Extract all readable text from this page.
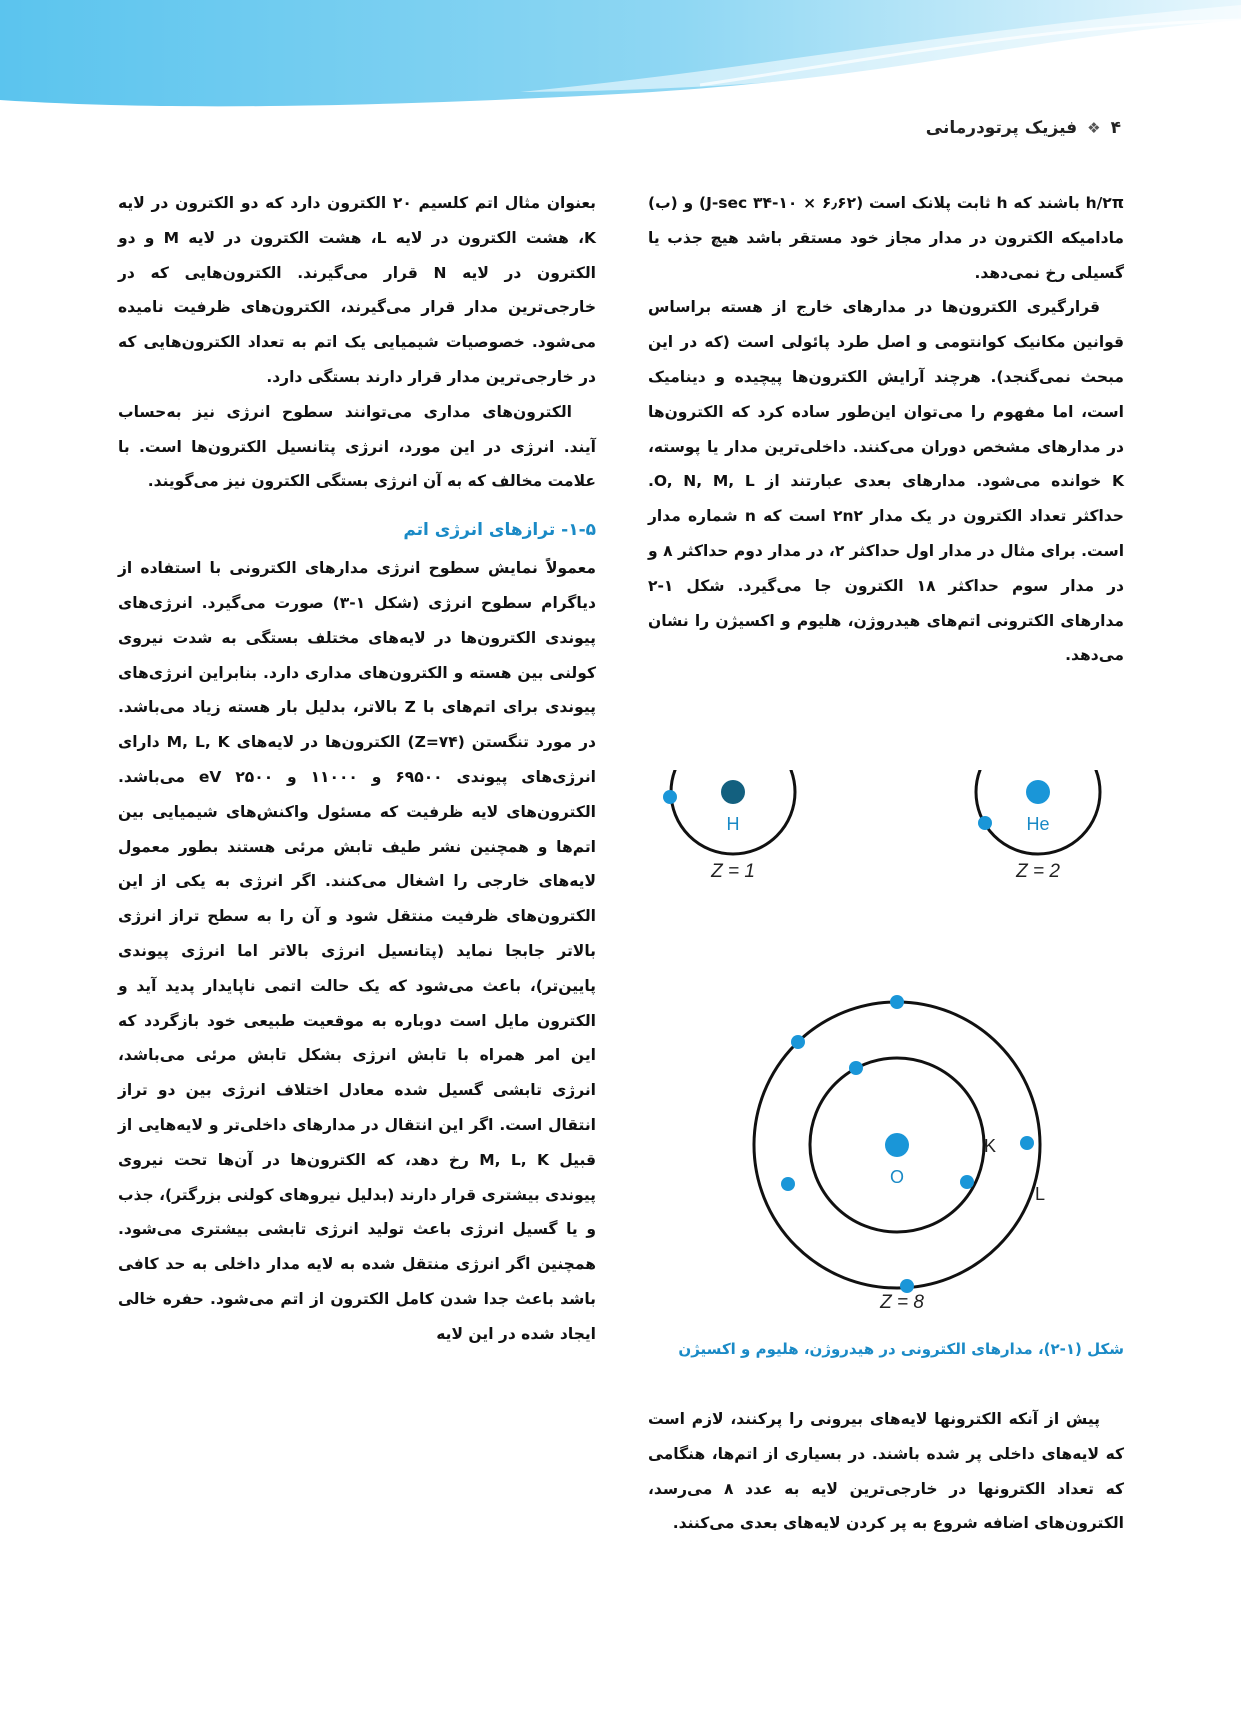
۴
❖
فیزیک پرتودرمانی

h/۲π باشند که h ثابت پلانک است (J-sec ۳۴-۱۰ × ۶٫۶۲) و (ب) مادامیکه الکترون در مدار مجاز خود مستقر باشد هیچ جذب یا گسیلی رخ نمی‌دهد.

قرارگیری الکترون‌ها در مدارهای خارج از هسته براساس قوانین مکانیک کوانتومی و اصل طرد پائولی است (که در این مبحث نمی‌گنجد). هرچند آرایش الکترون‌ها پیچیده و دینامیک است، اما مفهوم را می‌توان این‌طور ساده کرد که الکترون‌ها در مدارهای مشخص دوران می‌کنند. داخلی‌ترین مدار یا پوسته، K خوانده می‌شود. مدارهای بعدی عبارتند از O, N, M, L. حداکثر تعداد الکترون در یک مدار ۲n۲ است که n شماره مدار است. برای مثال در مدار اول حداکثر ۲، در مدار دوم حداکثر ۸ و در مدار سوم حداکثر ۱۸ الکترون جا می‌گیرد. شکل ۱-۲ مدارهای الکترونی اتم‌های هیدروژن، هلیوم و اکسیژن را نشان می‌دهد.

H
Z = 1
He
Z = 2
O
K
L
Z = 8
شکل (۱-۲)، مدارهای الکترونی در هیدروژن، هلیوم و اکسیژن

پیش از آنکه الکترونها لایه‌های بیرونی را پرکنند، لازم است که لایه‌های داخلی پر شده باشند. در بسیاری از اتم‌ها، هنگامی که تعداد الکترونها در خارجی‌ترین لایه به عدد ۸ می‌رسد، الکترون‌های اضافه شروع به پر کردن لایه‌های بعدی می‌کنند.

بعنوان مثال اتم کلسیم ۲۰ الکترون دارد که دو الکترون در لایه K، هشت الکترون در لایه L، هشت الکترون در لایه M و دو الکترون در لایه N قرار می‌گیرند. الکترون‌هایی که در خارجی‌ترین مدار قرار می‌گیرند، الکترون‌های ظرفیت نامیده می‌شود. خصوصیات شیمیایی یک اتم به تعداد الکترون‌هایی که در خارجی‌ترین مدار قرار دارند بستگی دارد.

الکترون‌های مداری می‌توانند سطوح انرژی نیز به‌حساب آیند. انرژی در این مورد، انرژی پتانسیل الکترون‌ها است. با علامت مخالف که به آن انرژی بستگی الکترون نیز می‌گویند.

۱-۵- ترازهای انرژی اتم

معمولاً نمایش سطوح انرژی مدارهای الکترونی با استفاده از دیاگرام سطوح انرژی (شکل ۱-۳) صورت می‌گیرد. انرژی‌های پیوندی الکترون‌ها در لایه‌های مختلف بستگی به شدت نیروی کولنی بین هسته و الکترون‌های مداری دارد. بنابراین انرژی‌های پیوندی برای اتم‌های با Z بالاتر، بدلیل بار هسته زیاد می‌باشد. در مورد تنگستن (Z=۷۴) الکترون‌ها در لایه‌های M, L, K دارای انرژی‌های پیوندی ۶۹۵۰۰ و ۱۱۰۰۰ و eV ۲۵۰۰ می‌باشد. الکترون‌های لایه ظرفیت که مسئول واکنش‌های شیمیایی بین اتم‌ها و همچنین نشر طیف تابش مرئی هستند بطور معمول لایه‌های خارجی را اشغال می‌کنند. اگر انرژی به یکی از این الکترون‌های ظرفیت منتقل شود و آن را به سطح تراز انرژی بالاتر جابجا نماید (پتانسیل انرژی بالاتر اما انرژی پیوندی پایین‌تر)، باعث می‌شود که یک حالت اتمی ناپایدار پدید آید و الکترون مایل است دوباره به موقعیت طبیعی خود بازگردد که این امر همراه با تابش انرژی بشکل تابش مرئی می‌باشد، انرژی تابشی گسیل شده معادل اختلاف انرژی بین دو تراز انتقال است. اگر این انتقال در مدارهای داخلی‌تر و لایه‌هایی از قبیل M, L, K رخ دهد، که الکترون‌ها در آن‌ها تحت نیروی پیوندی بیشتری قرار دارند (بدلیل نیروهای کولنی بزرگتر)، جذب و یا گسیل انرژی باعث تولید انرژی تابشی بیشتری می‌شود. همچنین اگر انرژی منتقل شده به لایه مدار داخلی به حد کافی باشد باعث جدا شدن کامل الکترون از اتم می‌شود. حفره خالی ایجاد شده در این لایه
